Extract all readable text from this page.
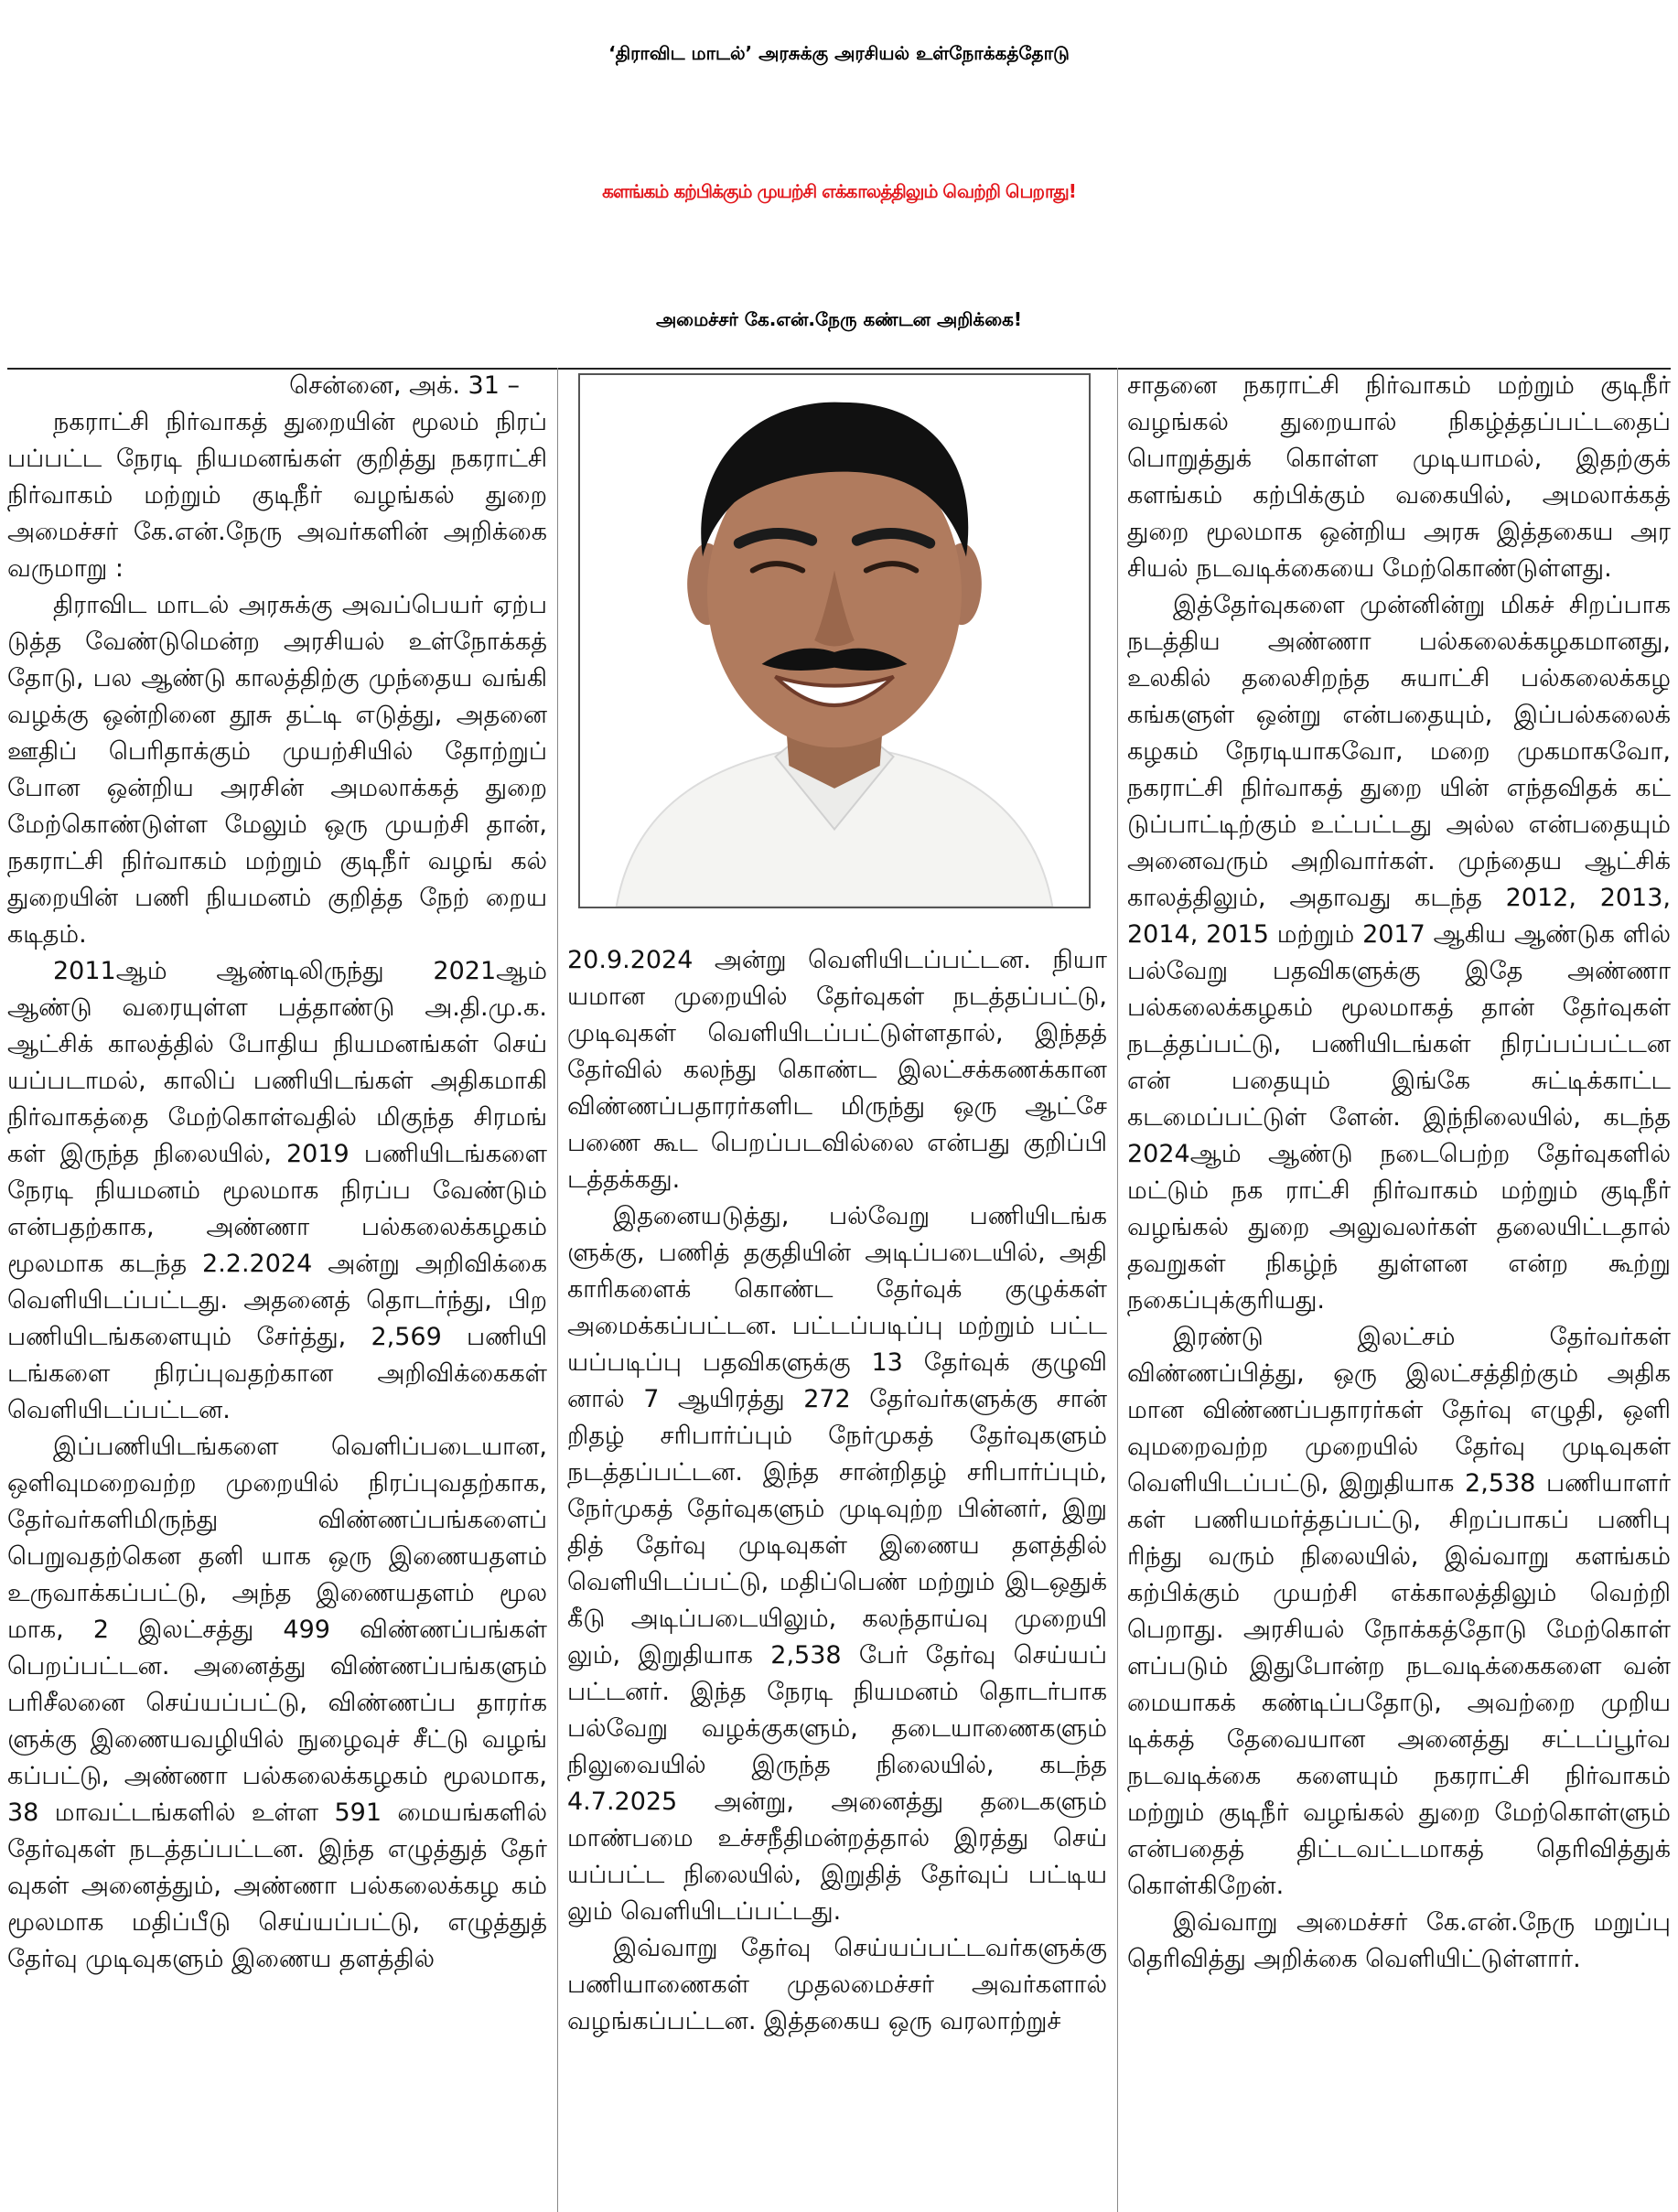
‘திராவிட மாடல்’ அரசுக்கு அரசியல் உள்நோக்கத்தோடு
களங்கம் கற்பிக்கும் முயற்சி எக்காலத்திலும் வெற்றி பெறாது!
அமைச்சர் கே.என்.நேரு கண்டன அறிக்கை!

சென்னை, அக். 31 –

நகராட்சி நிர்வாகத் துறையின் மூலம் நிரப் பப்பட்ட நேரடி நியமனங்கள் குறித்து நகராட்சி நிர்வாகம் மற்றும் குடிநீர் வழங்கல் துறை அமைச்சர் கே.என்.நேரு அவர்களின் அறிக்கை வருமாறு :

திராவிட மாடல் அரசுக்கு அவப்பெயர் ஏற்ப டுத்த வேண்டுமென்ற அரசியல் உள்நோக்கத் தோடு, பல ஆண்டு காலத்திற்கு முந்தைய வங்கி வழக்கு ஒன்றினை தூசு தட்டி எடுத்து, அதனை ஊதிப் பெரிதாக்கும் முயற்சியில் தோற்றுப் போன ஒன்றிய அரசின் அமலாக்கத் துறை மேற்கொண்டுள்ள மேலும் ஒரு முயற்சி தான், நகராட்சி நிர்வாகம் மற்றும் குடிநீர் வழங் கல் துறையின் பணி நியமனம் குறித்த நேற் றைய கடிதம்.

2011ஆம் ஆண்டிலிருந்து 2021ஆம் ஆண்டு வரையுள்ள பத்தாண்டு அ.தி.மு.க. ஆட்சிக் காலத்தில் போதிய நியமனங்கள் செய் யப்படாமல், காலிப் பணியிடங்கள் அதிகமாகி நிர்வாகத்தை மேற்கொள்வதில் மிகுந்த சிரமங் கள் இருந்த நிலையில், 2019 பணியிடங்களை நேரடி நியமனம் மூலமாக நிரப்ப வேண்டும் என்பதற்காக, அண்ணா பல்கலைக்கழகம் மூலமாக கடந்த 2.2.2024 அன்று அறிவிக்கை வெளியிடப்பட்டது. அதனைத் தொடர்ந்து, பிற பணியிடங்களையும் சேர்த்து, 2,569 பணியி டங்களை நிரப்புவதற்கான அறிவிக்கைகள் வெளியிடப்பட்டன.

இப்பணியிடங்களை வெளிப்படையான, ஒளிவுமறைவற்ற முறையில் நிரப்புவதற்காக, தேர்வர்களிமிருந்து விண்ணப்பங்களைப் பெறுவதற்கென தனி யாக ஒரு இணையதளம் உருவாக்கப்பட்டு, அந்த இணையதளம் மூல மாக, 2 இலட்சத்து 499 விண்ணப்பங்கள் பெறப்பட்டன. அனைத்து விண்ணப்பங்களும் பரிசீலனை செய்யப்பட்டு, விண்ணப்ப தாரர்க ளுக்கு இணையவழியில் நுழைவுச் சீட்டு வழங் கப்பட்டு, அண்ணா பல்கலைக்கழகம் மூலமாக, 38 மாவட்டங்களில் உள்ள 591 மையங்களில் தேர்வுகள் நடத்தப்பட்டன. இந்த எழுத்துத் தேர் வுகள் அனைத்தும், அண்ணா பல்கலைக்கழ கம் மூலமாக மதிப்பீடு செய்யப்பட்டு, எழுத்துத் தேர்வு முடிவுகளும் இணைய தளத்தில்

20.9.2024 அன்று வெளியிடப்பட்டன. நியா யமான முறையில் தேர்வுகள் நடத்தப்பட்டு, முடிவுகள் வெளியிடப்பட்டுள்ளதால், இந்தத் தேர்வில் கலந்து கொண்ட இலட்சக்கணக்கான விண்ணப்பதாரர்களிட மிருந்து ஒரு ஆட்சே பணை கூட பெறப்படவில்லை என்பது குறிப்பி டத்தக்கது.

இதனையடுத்து, பல்வேறு பணியிடங்க ளுக்கு, பணித் தகுதியின் அடிப்படையில், அதி காரிகளைக் கொண்ட தேர்வுக் குழுக்கள் அமைக்கப்பட்டன. பட்டப்படிப்பு மற்றும் பட்ட யப்படிப்பு பதவிகளுக்கு 13 தேர்வுக் குழுவி னால் 7 ஆயிரத்து 272 தேர்வர்களுக்கு சான் றிதழ் சரிபார்ப்பும் நேர்முகத் தேர்வுகளும் நடத்தப்பட்டன. இந்த சான்றிதழ் சரிபார்ப்பும், நேர்முகத் தேர்வுகளும் முடிவுற்ற பின்னர், இறு தித் தேர்வு முடிவுகள் இணைய தளத்தில் வெளியிடப்பட்டு, மதிப்பெண் மற்றும் இடஒதுக் கீடு அடிப்படையிலும், கலந்தாய்வு முறையி லும், இறுதியாக 2,538 பேர் தேர்வு செய்யப் பட்டனர். இந்த நேரடி நியமனம் தொடர்பாக பல்வேறு வழக்குகளும், தடையாணைகளும் நிலுவையில் இருந்த நிலையில், கடந்த 4.7.2025 அன்று, அனைத்து தடைகளும் மாண்பமை உச்சநீதிமன்றத்தால் இரத்து செய் யப்பட்ட நிலையில், இறுதித் தேர்வுப் பட்டிய லும் வெளியிடப்பட்டது.

இவ்வாறு தேர்வு செய்யப்பட்டவர்களுக்கு பணியாணைகள் முதலமைச்சர் அவர்களால் வழங்கப்பட்டன. இத்தகைய ஒரு வரலாற்றுச்

சாதனை நகராட்சி நிர்வாகம் மற்றும் குடிநீர் வழங்கல் துறையால் நிகழ்த்தப்பட்டதைப் பொறுத்துக் கொள்ள முடியாமல், இதற்குக் களங்கம் கற்பிக்கும் வகையில், அமலாக்கத் துறை மூலமாக ஒன்றிய அரசு இத்தகைய அர சியல் நடவடிக்கையை மேற்கொண்டுள்ளது.

இத்தேர்வுகளை முன்னின்று மிகச் சிறப்பாக நடத்திய அண்ணா பல்கலைக்கழகமானது, உலகில் தலைசிறந்த சுயாட்சி பல்கலைக்கழ கங்களுள் ஒன்று என்பதையும், இப்பல்கலைக் கழகம் நேரடியாகவோ, மறை முகமாகவோ, நகராட்சி நிர்வாகத் துறை யின் எந்தவிதக் கட் டுப்பாட்டிற்கும் உட்பட்டது அல்ல என்பதையும் அனைவரும் அறிவார்கள். முந்தைய ஆட்சிக் காலத்திலும், அதாவது கடந்த 2012, 2013, 2014, 2015 மற்றும் 2017 ஆகிய ஆண்டுக ளில் பல்வேறு பதவிகளுக்கு இதே அண்ணா பல்கலைக்கழகம் மூலமாகத் தான் தேர்வுகள் நடத்தப்பட்டு, பணியிடங்கள் நிரப்பப்பட்டன என் பதையும் இங்கே சுட்டிக்காட்ட கடமைப்பட்டுள் ளேன். இந்நிலையில், கடந்த 2024ஆம் ஆண்டு நடைபெற்ற தேர்வுகளில் மட்டும் நக ராட்சி நிர்வாகம் மற்றும் குடிநீர் வழங்கல் துறை அலுவலர்கள் தலையிட்டதால் தவறுகள் நிகழ்ந் துள்ளன என்ற கூற்று நகைப்புக்குரியது.

இரண்டு இலட்சம் தேர்வர்கள் விண்ணப்பித்து, ஒரு இலட்சத்திற்கும் அதிக மான விண்ணப்பதாரர்கள் தேர்வு எழுதி, ஒளி வுமறைவற்ற முறையில் தேர்வு முடிவுகள் வெளியிடப்பட்டு, இறுதியாக 2,538 பணியாளர் கள் பணியமர்த்தப்பட்டு, சிறப்பாகப் பணிபு ரிந்து வரும் நிலையில், இவ்வாறு களங்கம் கற்பிக்கும் முயற்சி எக்காலத்திலும் வெற்றி பெறாது. அரசியல் நோக்கத்தோடு மேற்கொள் ளப்படும் இதுபோன்ற நடவடிக்கைகளை வன் மையாகக் கண்டிப்பதோடு, அவற்றை முறிய டிக்கத் தேவையான அனைத்து சட்டப்பூர்வ நடவடிக்கை களையும் நகராட்சி நிர்வாகம் மற்றும் குடிநீர் வழங்கல் துறை மேற்கொள்ளும் என்பதைத் திட்டவட்டமாகத் தெரிவித்துக் கொள்கிறேன்.

இவ்வாறு அமைச்சர் கே.என்.நேரு மறுப்பு தெரிவித்து அறிக்கை வெளியிட்டுள்ளார்.
